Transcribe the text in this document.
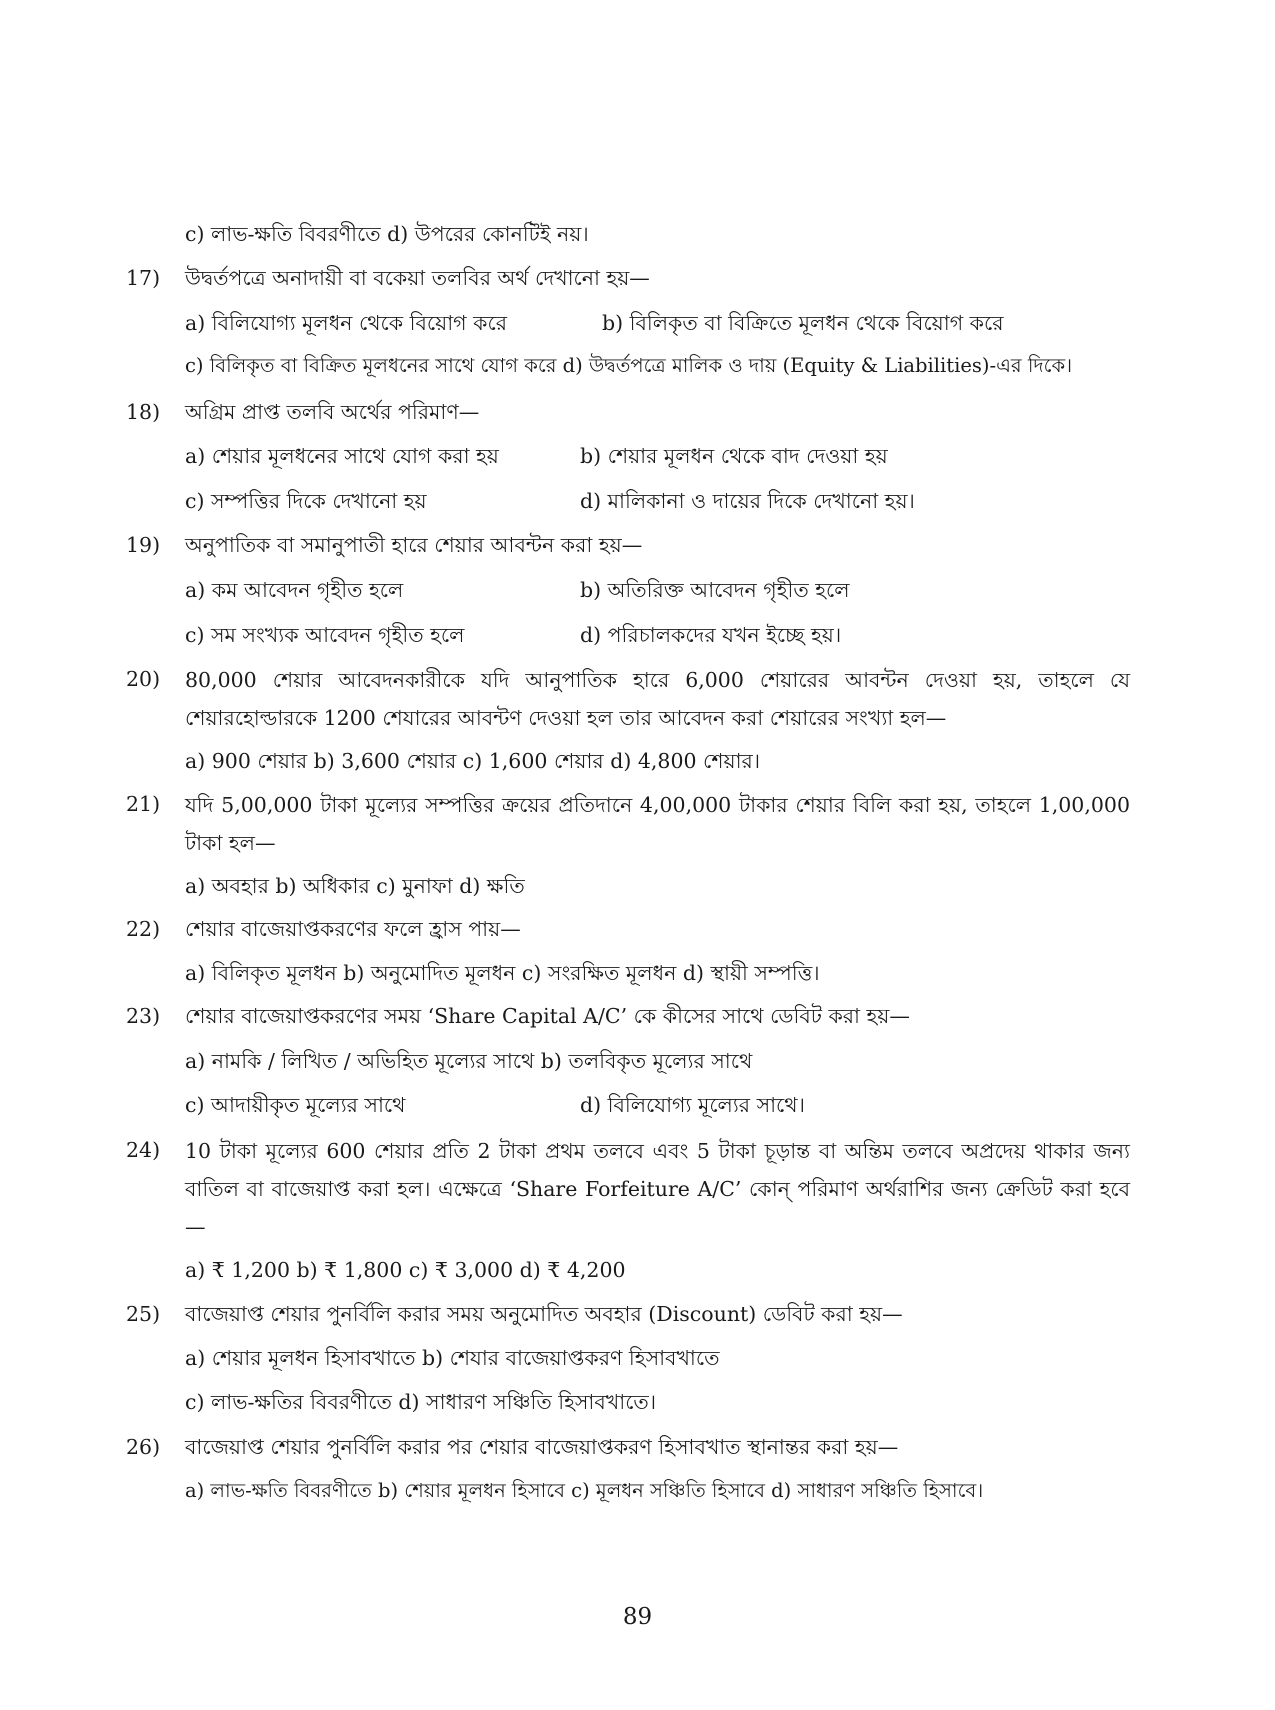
c) লাভ-ক্ষতি বিবরণীতে d) উপরের কোনটিই নয়।
17) উদ্বর্তপত্রে অনাদায়ী বা বকেয়া তলবির অর্থ দেখানো হয়—
a) বিলিযোগ্য মূলধন থেকে বিয়োগ করে	b) বিলিকৃত বা বিক্রিতে মূলধন থেকে বিয়োগ করে
c) বিলিকৃত বা বিক্রিত মূলধনের সাথে যোগ করে d) উদ্বর্তপত্রে মালিক ও দায় (Equity & Liabilities)-এর দিকে।
18) অগ্রিম প্রাপ্ত তলবি অর্থের পরিমাণ—
a) শেয়ার মূলধনের সাথে যোগ করা হয়	b) শেয়ার মূলধন থেকে বাদ দেওয়া হয়
c) সম্পত্তির দিকে দেখানো হয়	d) মালিকানা ও দায়ের দিকে দেখানো হয়।
19) অনুপাতিক বা সমানুপাতী হারে শেয়ার আবন্টন করা হয়—
a) কম আবেদন গৃহীত হলে	b) অতিরিক্ত আবেদন গৃহীত হলে
c) সম সংখ্যক আবেদন গৃহীত হলে	d) পরিচালকদের যখন ইচ্ছে হয়।
20) 80,000 শেয়ার আবেদনকারীকে যদি আনুপাতিক হারে 6,000 শেয়ারের আবন্টন দেওয়া হয়, তাহলে যে শেয়ারহোল্ডারকে 1200 শেযারের আবন্টণ দেওয়া হল তার আবেদন করা শেয়ারের সংখ্যা হল—
a) 900 শেয়ার b) 3,600 শেয়ার c) 1,600 শেয়ার d) 4,800 শেয়ার।
21) যদি 5,00,000 টাকা মূল্যের সম্পত্তির ক্রয়ের প্রতিদানে 4,00,000 টাকার শেয়ার বিলি করা হয়, তাহলে 1,00,000 টাকা হল—
a) অবহার b) অধিকার c) মুনাফা d) ক্ষতি
22) শেয়ার বাজেয়াপ্তকরণের ফলে হ্রাস পায়—
a) বিলিকৃত মূলধন b) অনুমোদিত মূলধন c) সংরক্ষিত মূলধন d) স্থায়ী সম্পত্তি।
23) শেয়ার বাজেয়াপ্তকরণের সময় ‘Share Capital A/C’ কে কীসের সাথে ডেবিট করা হয়—
a) নামকি / লিখিত / অভিহিত মূল্যের সাথে b) তলবিকৃত মূল্যের সাথে
c) আদায়ীকৃত মূল্যের সাথে	d) বিলিযোগ্য মূল্যের সাথে।
24) 10 টাকা মূল্যের 600 শেয়ার প্রতি 2 টাকা প্রথম তলবে এবং 5 টাকা চূড়ান্ত বা অন্তিম তলবে অপ্রদেয় থাকার জন্য বাতিল বা বাজেয়াপ্ত করা হল। এক্ষেত্রে ‘Share Forfeiture A/C’ কোন্ পরিমাণ অর্থরাশির জন্য ক্রেডিট করা হবে—
a) ₹ 1,200 b) ₹ 1,800 c) ₹ 3,000 d) ₹ 4,200
25) বাজেয়াপ্ত শেয়ার পুনর্বিলি করার সময় অনুমোদিত অবহার (Discount) ডেবিট করা হয়—
a) শেয়ার মূলধন হিসাবখাতে b) শেযার বাজেয়াপ্তকরণ হিসাবখাতে
c) লাভ-ক্ষতির বিবরণীতে d) সাধারণ সঞ্চিতি হিসাবখাতে।
26) বাজেয়াপ্ত শেয়ার পুনর্বিলি করার পর শেয়ার বাজেয়াপ্তকরণ হিসাবখাত স্থানান্তর করা হয়—
a) লাভ-ক্ষতি বিবরণীতে b) শেয়ার মূলধন হিসাবে c) মূলধন সঞ্চিতি হিসাবে d) সাধারণ সঞ্চিতি হিসাবে।
89
